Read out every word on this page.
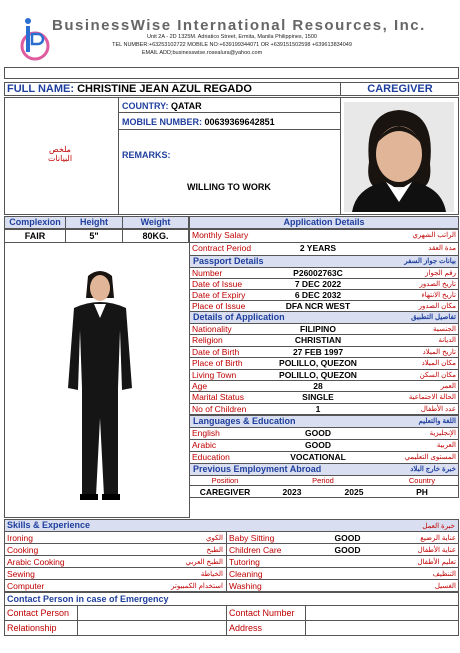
BusinessWise International Resources, Inc.
Unit 2A - 2D 1325M. Adriatico Street, Ermita, Manila Philippines, 1500
TEL NUMBER:+63253102722 MOBILE NO:+639199344071 OR +639151502598 +639613834049
EMAIL ADD;businesswise.rosealura@yahoo.com
FULL NAME: CHRISTINE JEAN AZUL REGADO	CAREGIVER
ملخص البيانات
COUNTRY: QATAR
MOBILE NUMBER: 00639369642851
REMARKS:
WILLING TO WORK
Complexion	Height	Weight
FAIR	5"	80KG.
Application Details
Monthly Salary	الراتب الشهري
Contract Period	2 YEARS	مدة العقد
Passport Details	بيانات جواز السفر
Number	P26002763C	رقم الجواز
Date of Issue	7 DEC 2022	تاريخ الصدور
Date of Expiry	6 DEC 2032	تاريخ الانتهاء
Place of Issue	DFA NCR WEST	مكان الصدور
Details of Application	تفاصيل التطبيق
Nationality	FILIPINO	الجنسية
Religion	CHRISTIAN	الديانة
Date of Birth	27 FEB 1997	تاريخ الميلاد
Place of Birth	POLILLO, QUEZON	مكان الميلاد
Living Town	POLILLO, QUEZON	مكان السكن
Age	28	العمر
Marital Status	SINGLE	الحالة الاجتماعية
No of Children	1	عدد الأطفال
Languages & Education	اللغة والتعليم
English	GOOD	الإنجليزية
Arabic	GOOD	العربية
Education	VOCATIONAL	المستوى التعليمي
Previous Employment Abroad	خبرة خارج البلاد
Position	Period	Country
CAREGIVER	2023	2025	PH
Skills & Experience	خبرة العمل
Ironing	الكوي Baby Sitting	GOOD	عناية الرضيع
Cooking	الطبخ Children Care	GOOD	عناية الأطفال
Arabic Cooking	الطبخ العربي Tutoring	تعليم الأطفال
Sewing	الخياطة Cleaning	التنظيف
Computer	استخدام الكمبيوتر Washing	الغسيل
Contact Person in case of Emergency
Contact Person	Contact Number
Relationship	Address
